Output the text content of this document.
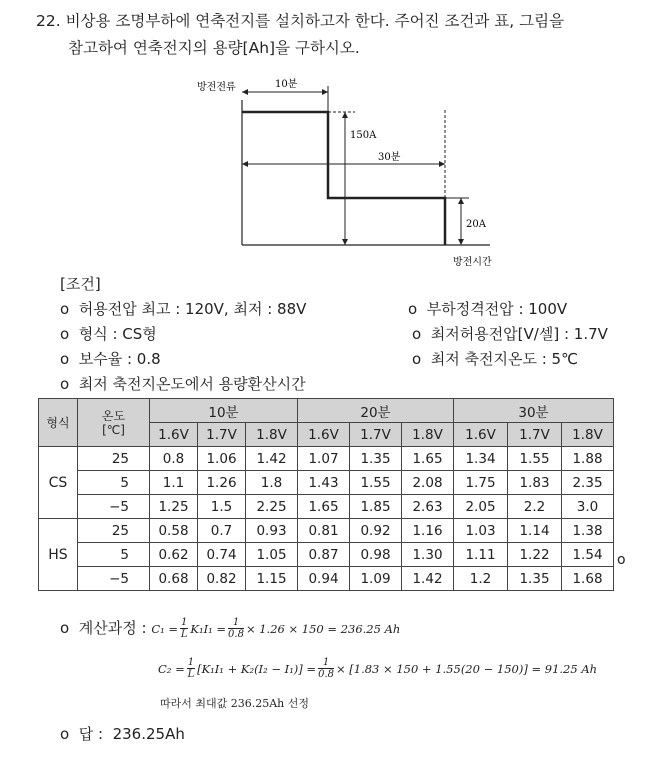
22. 비상용 조명부하에 연축전지를 설치하고자 한다. 주어진 조건과 표, 그림을
참고하여 연축전지의 용량[Ah]을 구하시오.
방전전류
방전시간
10분
150A
30분
20A
[조건]
o 허용전압 최고 : 120V, 최저 : 88V	o 부하정격전압 : 100V
o 형식 : CS형	o 최저허용전압[V/셀] : 1.7V
o 보수율 : 0.8	o 최저 축전지온도 : 5℃
o 최저 축전지온도에서 용량환산시간
형식	온도 [℃]	10분			20분			30분		
		1.6V	1.7V	1.8V	1.6V	1.7V	1.8V	1.6V	1.7V	1.8V
CS	25	0.8	1.06	1.42	1.07	1.35	1.65	1.34	1.55	1.88
	5	1.1	1.26	1.8	1.43	1.55	2.08	1.75	1.83	2.35
	−5	1.25	1.5	2.25	1.65	1.85	2.63	2.05	2.2	3.0
HS	25	0.58	0.7	0.93	0.81	0.92	1.16	1.03	1.14	1.38
	5	0.62	0.74	1.05	0.87	0.98	1.30	1.11	1.22	1.54
	−5	0.68	0.82	1.15	0.94	1.09	1.42	1.2	1.35	1.68
o
o 계산과정 : $C_1 = \frac{1}{L} K_1I_1 = \frac{1}{0.8} \times 1.26 \times 150 = 236.25$ Ah
$C_2 = \frac{1}{L} [K_1I_1 + K_2(I_2 - I_1)] = \frac{1}{0.8} \times [1.83 \times 150 + 1.55(20 - 150)] = 91.25$ Ah
따라서 최대값 236.25Ah 선정
o 답 : 236.25Ah
